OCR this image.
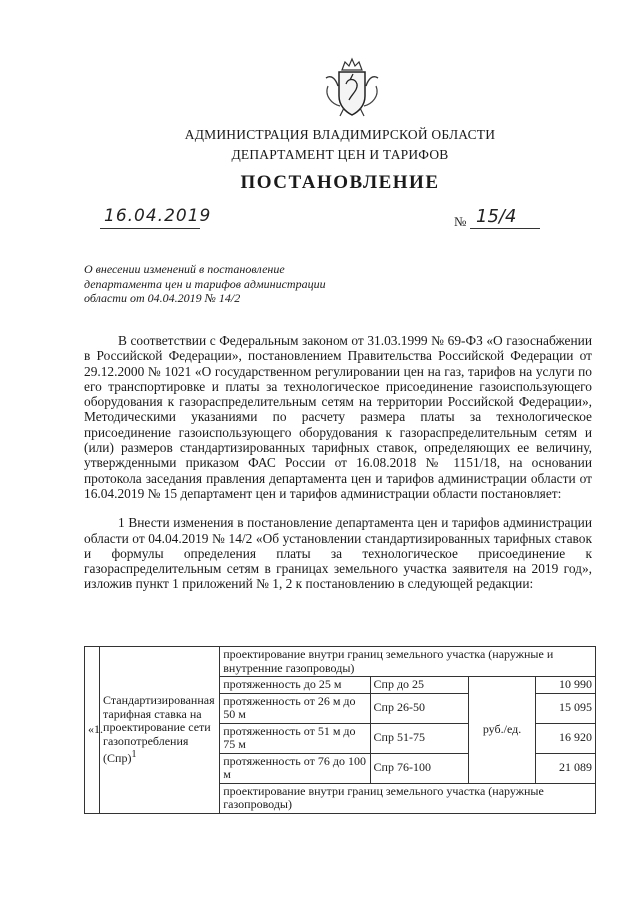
АДМИНИСТРАЦИЯ ВЛАДИМИРСКОЙ ОБЛАСТИ
ДЕПАРТАМЕНТ ЦЕН И ТАРИФОВ
ПОСТАНОВЛЕНИЕ
16.04.2019	№ 15/4
О внесении изменений в постановление
департамента цен и тарифов администрации
области от 04.04.2019 № 14/2

В соответствии с Федеральным законом от 31.03.1999 № 69-ФЗ «О газоснабжении в Российской Федерации», постановлением Правительства Российской Федерации от 29.12.2000 № 1021 «О государственном регулировании цен на газ, тарифов на услуги по его транспортировке и платы за технологическое присоединение газоиспользующего оборудования к газораспределительным сетям на территории Российской Федерации», Методическими указаниями по расчету размера платы за технологическое присоединение газоиспользующего оборудования к газораспределительным сетям и (или) размеров стандартизированных тарифных ставок, определяющих ее величину, утвержденными приказом ФАС России от 16.08.2018 № 1151/18, на основании протокола заседания правления департамента цен и тарифов администрации области от 16.04.2019 № 15 департамент цен и тарифов администрации области постановляет:

1 Внести изменения в постановление департамента цен и тарифов администрации области от 04.04.2019 № 14/2 «Об установлении стандартизированных тарифных ставок и формулы определения платы за технологическое присоединение к газораспределительным сетям в границах земельного участка заявителя на 2019 год», изложив пункт 1 приложений № 1, 2 к постановлению в следующей редакции:

«1.	Стандартизированная тарифная ставка на проектирование сети газопотребления (Спр)$^1$	проектирование внутри границ земельного участка (наружные и внутренние газопроводы)			
		протяженность до 25 м	Спр до 25	руб./ед.	10 990
		протяженность от 26 м до 50 м	Спр 26-50		15 095
		протяженность от 51 м до 75 м	Спр 51-75		16 920
		протяженность от 76 до 100 м	Спр 76-100		21 089
		проектирование внутри границ земельного участка (наружные газопроводы)			
